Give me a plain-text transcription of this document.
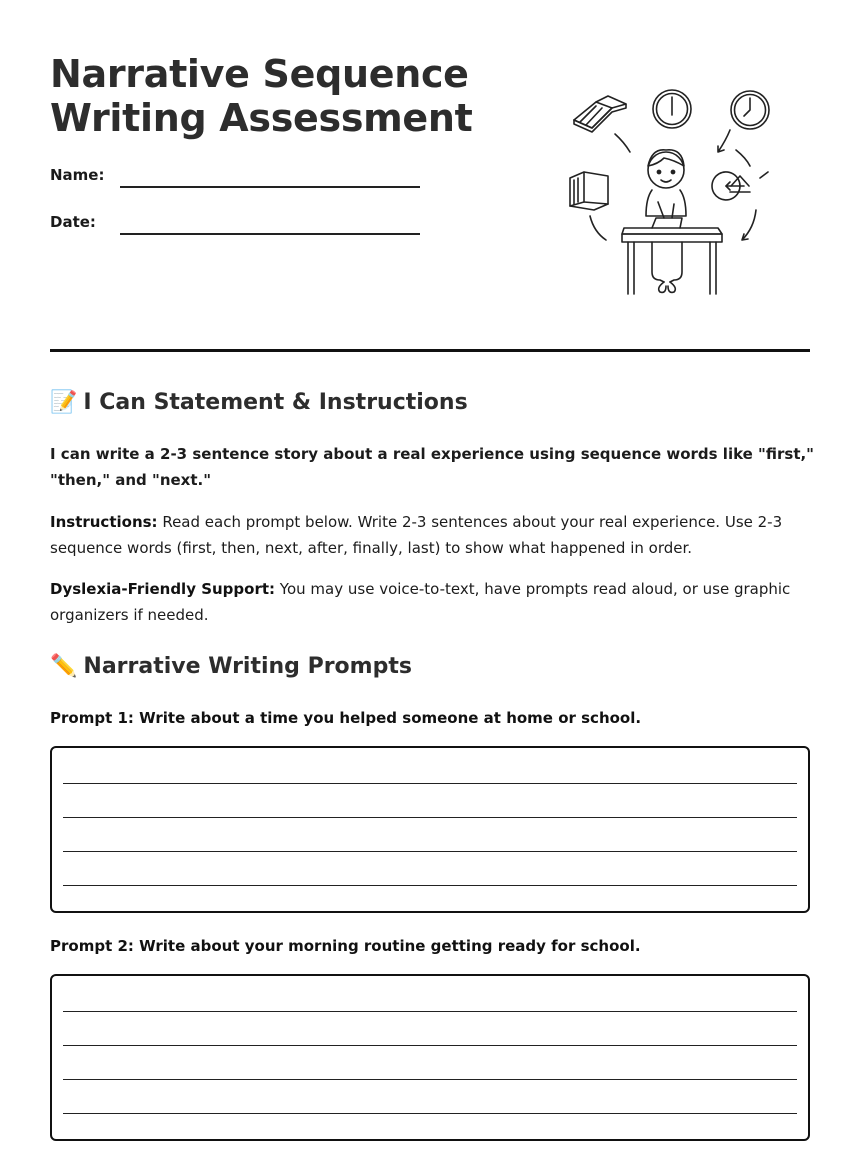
Narrative Sequence
Writing Assessment
Name:
Date:
📝 I Can Statement & Instructions

I can write a 2-3 sentence story about a real experience using sequence words like "first," "then," and "next."

Instructions: Read each prompt below. Write 2-3 sentences about your real experience. Use 2-3 sequence words (first, then, next, after, finally, last) to show what happened in order.

Dyslexia-Friendly Support: You may use voice-to-text, have prompts read aloud, or use graphic organizers if needed.

✏️ Narrative Writing Prompts

Prompt 1: Write about a time you helped someone at home or school.

Prompt 2: Write about your morning routine getting ready for school.
